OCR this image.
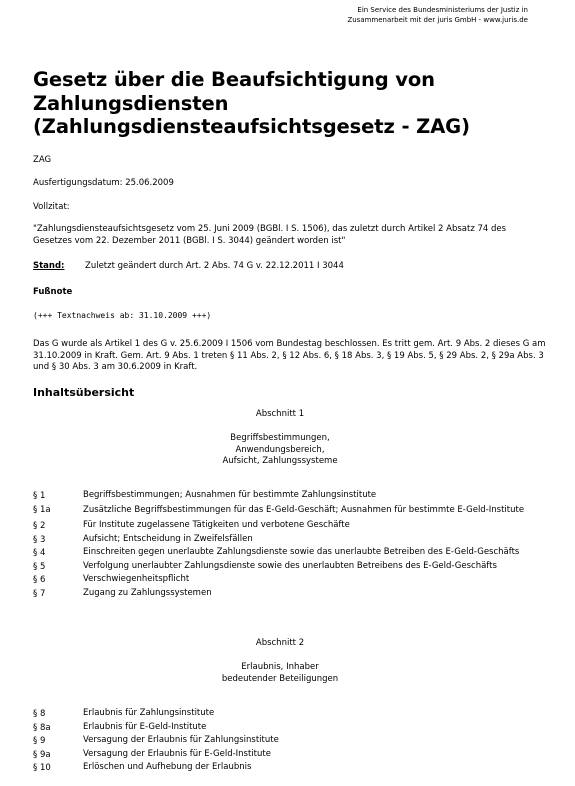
Ein Service des Bundesministeriums der Justiz in
Zusammenarbeit mit der juris GmbH - www.juris.de
Gesetz über die Beaufsichtigung von
Zahlungsdiensten
(Zahlungsdiensteaufsichtsgesetz - ZAG)
ZAG
Ausfertigungsdatum: 25.06.2009
Vollzitat:
"Zahlungsdiensteaufsichtsgesetz vom 25. Juni 2009 (BGBl. I S. 1506), das zuletzt durch Artikel 2 Absatz 74 des Gesetzes vom 22. Dezember 2011 (BGBl. I S. 3044) geändert worden ist"
Stand: Zuletzt geändert durch Art. 2 Abs. 74 G v. 22.12.2011 I 3044
Fußnote
(+++ Textnachweis ab: 31.10.2009 +++)
Das G wurde als Artikel 1 des G v. 25.6.2009 I 1506 vom Bundestag beschlossen. Es tritt gem. Art. 9 Abs. 2 dieses G am 31.10.2009 in Kraft. Gem. Art. 9 Abs. 1 treten § 11 Abs. 2, § 12 Abs. 6, § 18 Abs. 3, § 19 Abs. 5, § 29 Abs. 2, § 29a Abs. 3 und § 30 Abs. 3 am 30.6.2009 in Kraft.
Inhaltsübersicht
Abschnitt 1
Begriffsbestimmungen,
Anwendungsbereich,
Aufsicht, Zahlungssysteme
§ 1	Begriffsbestimmungen; Ausnahmen für bestimmte Zahlungsinstitute
§ 1a	Zusätzliche Begriffsbestimmungen für das E-Geld-Geschäft; Ausnahmen für bestimmte E-Geld-Institute
§ 2	Für Institute zugelassene Tätigkeiten und verbotene Geschäfte
§ 3	Aufsicht; Entscheidung in Zweifelsfällen
§ 4	Einschreiten gegen unerlaubte Zahlungsdienste sowie das unerlaubte Betreiben des E-Geld-Geschäfts
§ 5	Verfolgung unerlaubter Zahlungsdienste sowie des unerlaubten Betreibens des E-Geld-Geschäfts
§ 6	Verschwiegenheitspflicht
§ 7	Zugang zu Zahlungssystemen
Abschnitt 2
Erlaubnis, Inhaber
bedeutender Beteiligungen
§ 8	Erlaubnis für Zahlungsinstitute
§ 8a	Erlaubnis für E-Geld-Institute
§ 9	Versagung der Erlaubnis für Zahlungsinstitute
§ 9a	Versagung der Erlaubnis für E-Geld-Institute
§ 10	Erlöschen und Aufhebung der Erlaubnis
